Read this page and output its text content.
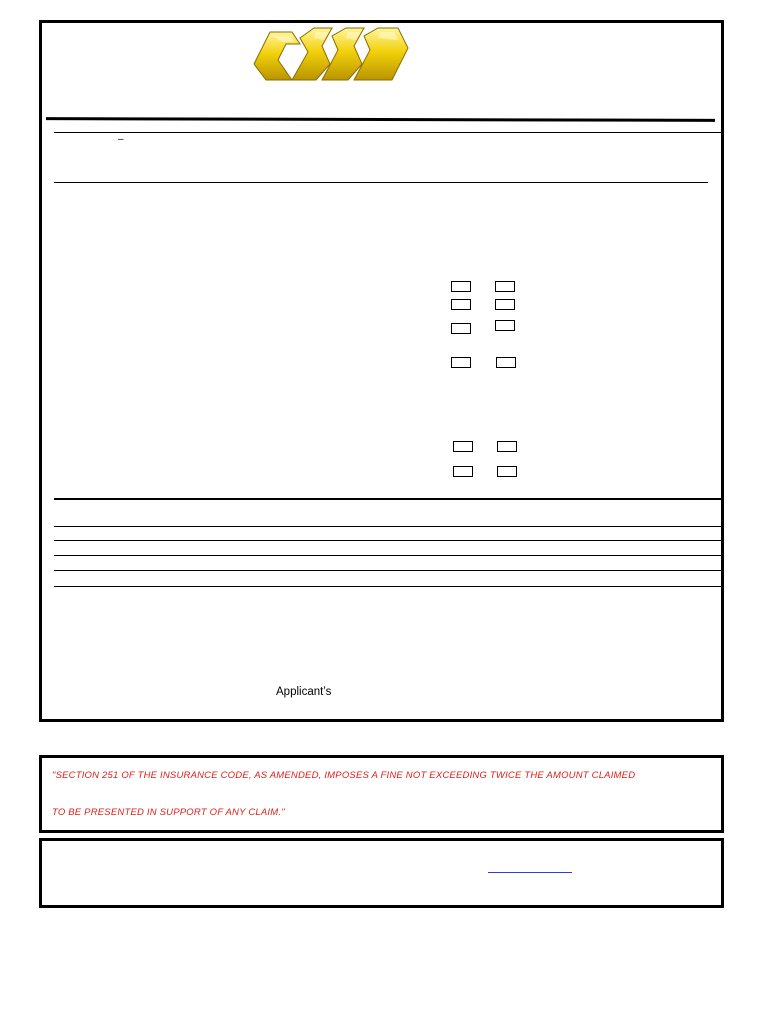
–
Applicant’s
"SECTION 251 OF THE INSURANCE CODE, AS AMENDED, IMPOSES A FINE NOT EXCEEDING TWICE THE AMOUNT CLAIMED
TO BE PRESENTED IN SUPPORT OF ANY CLAIM."
